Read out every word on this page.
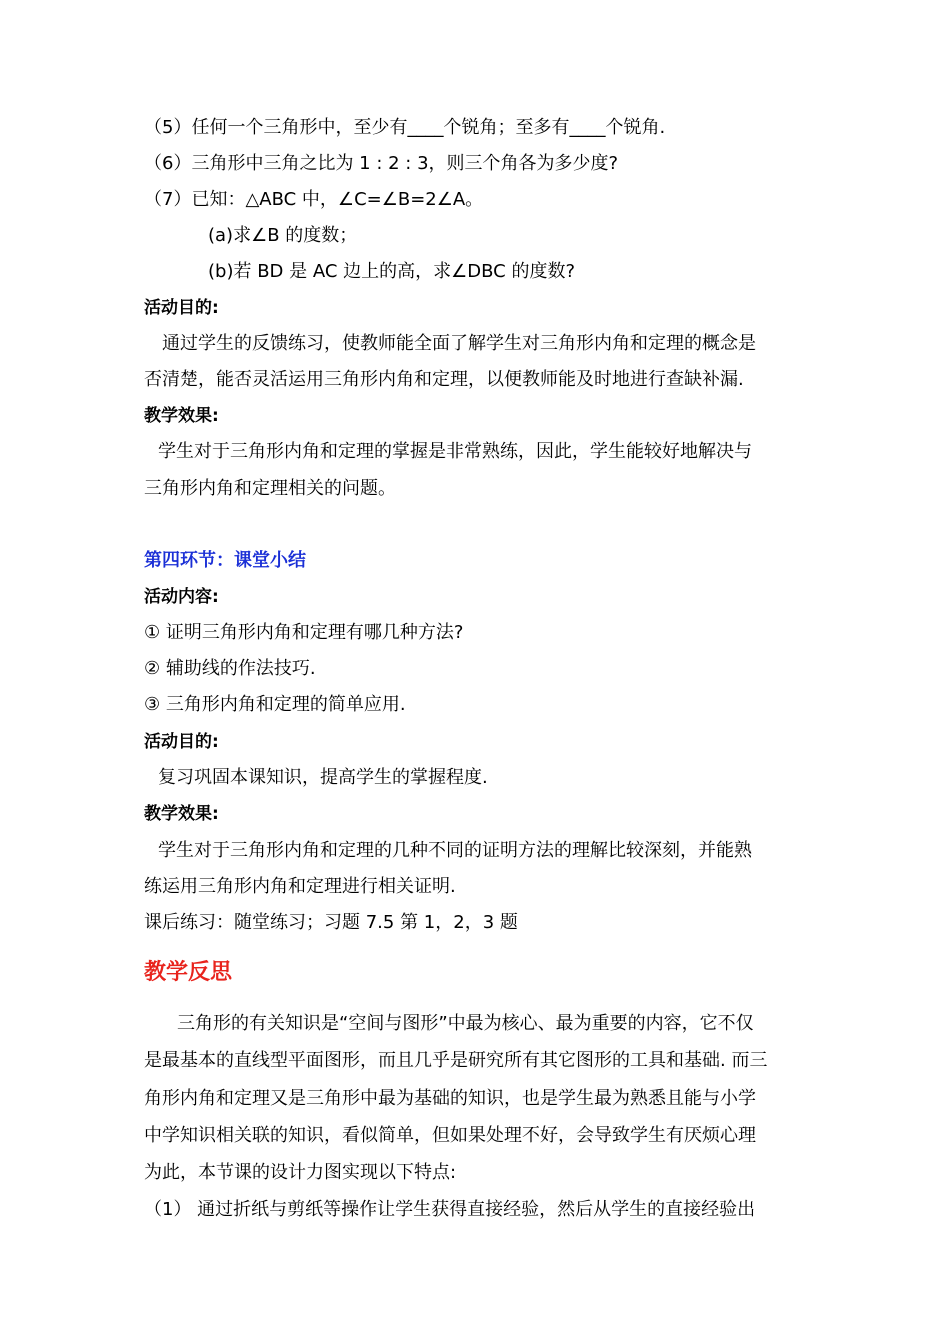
（5）任何一个三角形中，至少有____个锐角；至多有____个锐角.
（6）三角形中三角之比为 1 : 2 : 3，则三个角各为多少度?
（7）已知：△ABC 中，∠C=∠B=2∠A。
(a)求∠B 的度数；
(b)若 BD 是 AC 边上的高，求∠DBC 的度数?
活动目的:
通过学生的反馈练习，使教师能全面了解学生对三角形内角和定理的概念是
否清楚，能否灵活运用三角形内角和定理，以便教师能及时地进行查缺补漏.
教学效果:
学生对于三角形内角和定理的掌握是非常熟练，因此，学生能较好地解决与
三角形内角和定理相关的问题。
第四环节：课堂小结
活动内容:
① 证明三角形内角和定理有哪几种方法?
② 辅助线的作法技巧.
③ 三角形内角和定理的简单应用.
活动目的:
复习巩固本课知识，提高学生的掌握程度.
教学效果:
学生对于三角形内角和定理的几种不同的证明方法的理解比较深刻，并能熟
练运用三角形内角和定理进行相关证明.
课后练习：随堂练习；习题 7.5 第 1，2，3 题
教学反思
三角形的有关知识是“空间与图形”中最为核心、最为重要的内容，它不仅
是最基本的直线型平面图形，而且几乎是研究所有其它图形的工具和基础. 而三
角形内角和定理又是三角形中最为基础的知识，也是学生最为熟悉且能与小学
中学知识相关联的知识，看似简单，但如果处理不好，会导致学生有厌烦心理
为此，本节课的设计力图实现以下特点:
（1） 通过折纸与剪纸等操作让学生获得直接经验，然后从学生的直接经验出
